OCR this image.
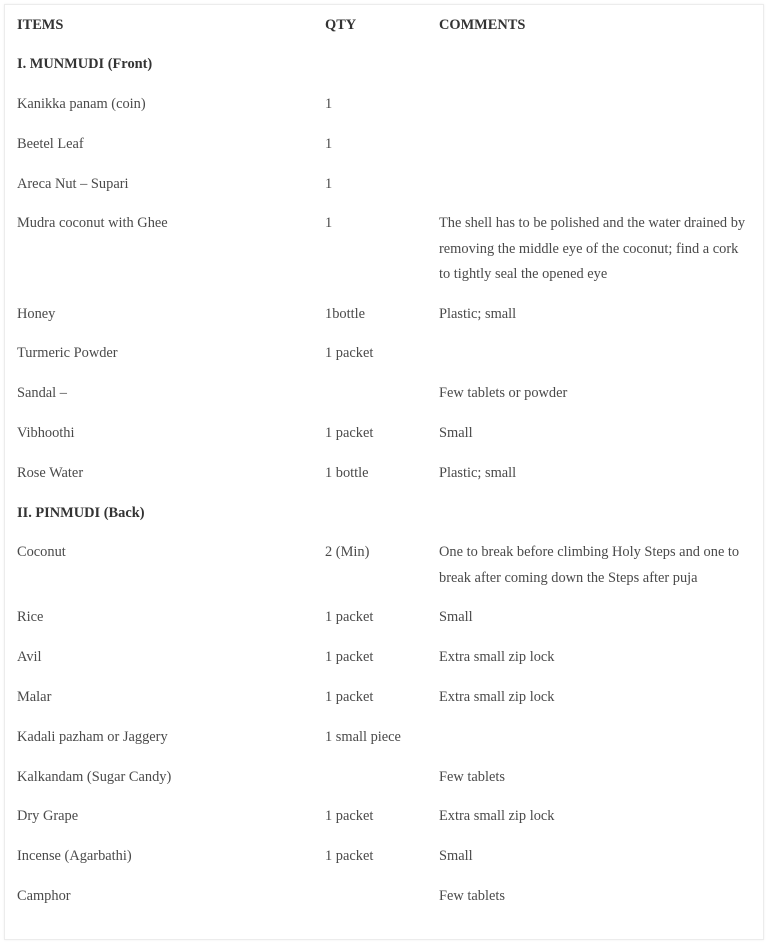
ITEMS	QTY	COMMENTS
I. MUNMUDI (Front)		
Kanikka panam (coin)	1	
Beetel Leaf	1	
Areca Nut – Supari	1	
Mudra coconut with Ghee	1	The shell has to be polished and the water drained by removing the middle eye of the coconut; find a cork to tightly seal the opened eye
Honey	1bottle	Plastic; small
Turmeric Powder	1 packet	
Sandal –		Few tablets or powder
Vibhoothi	1 packet	Small
Rose Water	1 bottle	Plastic; small
II. PINMUDI (Back)		
Coconut	2 (Min)	One to break before climbing Holy Steps and one to break after coming down the Steps after puja
Rice	1 packet	Small
Avil	1 packet	Extra small zip lock
Malar	1 packet	Extra small zip lock
Kadali pazham or Jaggery	1 small piece	
Kalkandam (Sugar Candy)		Few tablets
Dry Grape	1 packet	Extra small zip lock
Incense (Agarbathi)	1 packet	Small
Camphor		Few tablets
